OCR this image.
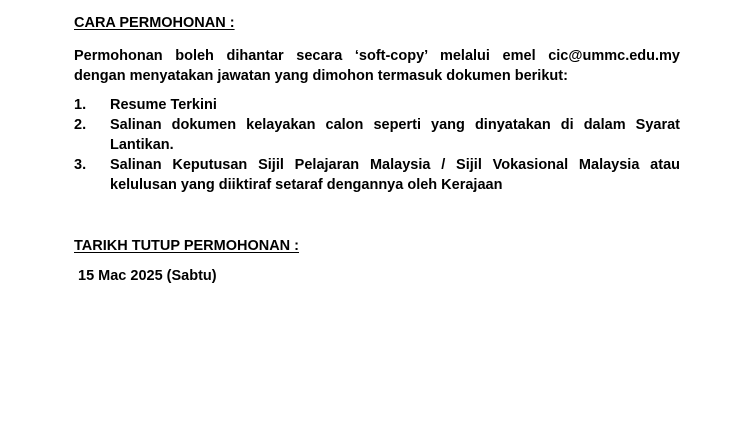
CARA PERMOHONAN :

Permohonan boleh dihantar secara ‘soft-copy’ melalui emel cic@ummc.edu.my
dengan menyatakan jawatan yang dimohon termasuk dokumen berikut:

1.	Resume Terkini
2.	Salinan dokumen kelayakan calon seperti yang dinyatakan di dalam Syarat
Lantikan.
3.	Salinan Keputusan Sijil Pelajaran Malaysia / Sijil Vokasional Malaysia atau
kelulusan yang diiktiraf setaraf dengannya oleh Kerajaan
TARIKH TUTUP PERMOHONAN :

15 Mac 2025 (Sabtu)
